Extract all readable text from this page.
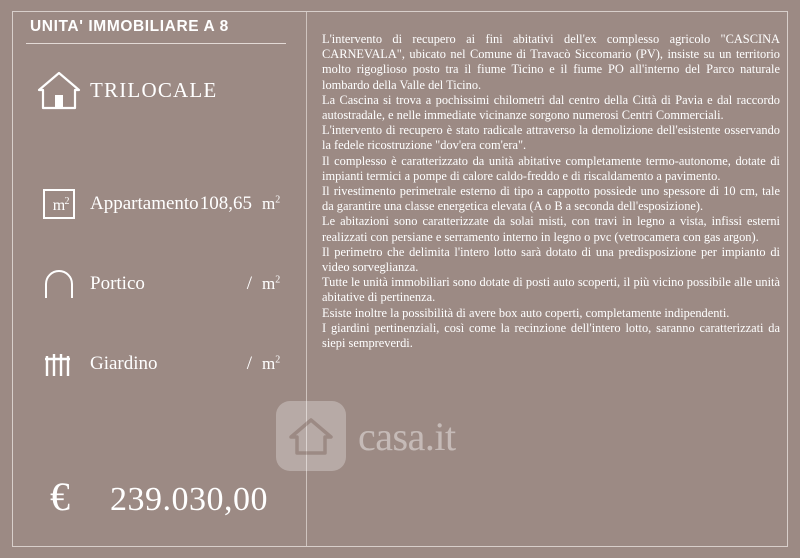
UNITA' IMMOBILIARE A 8
TRILOCALE
m 2 Appartamento 108,65 $m^2$
Portico	/ $m^2$
Giardino	/ $m^2$
€ 239.030,00

L'intervento di recupero ai fini abitativi dell'ex complesso agricolo "CASCINA CARNEVALA", ubicato nel Comune di Travacò Siccomario (PV), insiste su un territorio molto rigoglioso posto tra il fiume Ticino e il fiume PO all'interno del Parco naturale lombardo della Valle del Ticino.

La Cascina si trova a pochissimi chilometri dal centro della Città di Pavia e dal raccordo autostradale, e nelle immediate vicinanze sorgono numerosi Centri Commerciali.

L'intervento di recupero è stato radicale attraverso la demolizione dell'esistente osservando la fedele ricostruzione "dov'era com'era".

Il complesso è caratterizzato da unità abitative completamente termo-autonome, dotate di impianti termici a pompe di calore caldo-freddo e di riscaldamento a pavimento.

Il rivestimento perimetrale esterno di tipo a cappotto possiede uno spessore di 10 cm, tale da garantire una classe energetica elevata (A o B a seconda dell'esposizione).

Le abitazioni sono caratterizzate da solai misti, con travi in legno a vista, infissi esterni realizzati con persiane e serramento interno in legno o pvc (vetrocamera con gas argon).

Il perimetro che delimita l'intero lotto sarà dotato di una predisposizione per impianto di video sorveglianza.

Tutte le unità immobiliari sono dotate di posti auto scoperti, il più vicino possibile alle unità abitative di pertinenza.

Esiste inoltre la possibilità di avere box auto coperti, completamente indipendenti.

I giardini pertinenziali, così come la recinzione dell'intero lotto, saranno caratterizzati da siepi sempreverdi.

casa.it
